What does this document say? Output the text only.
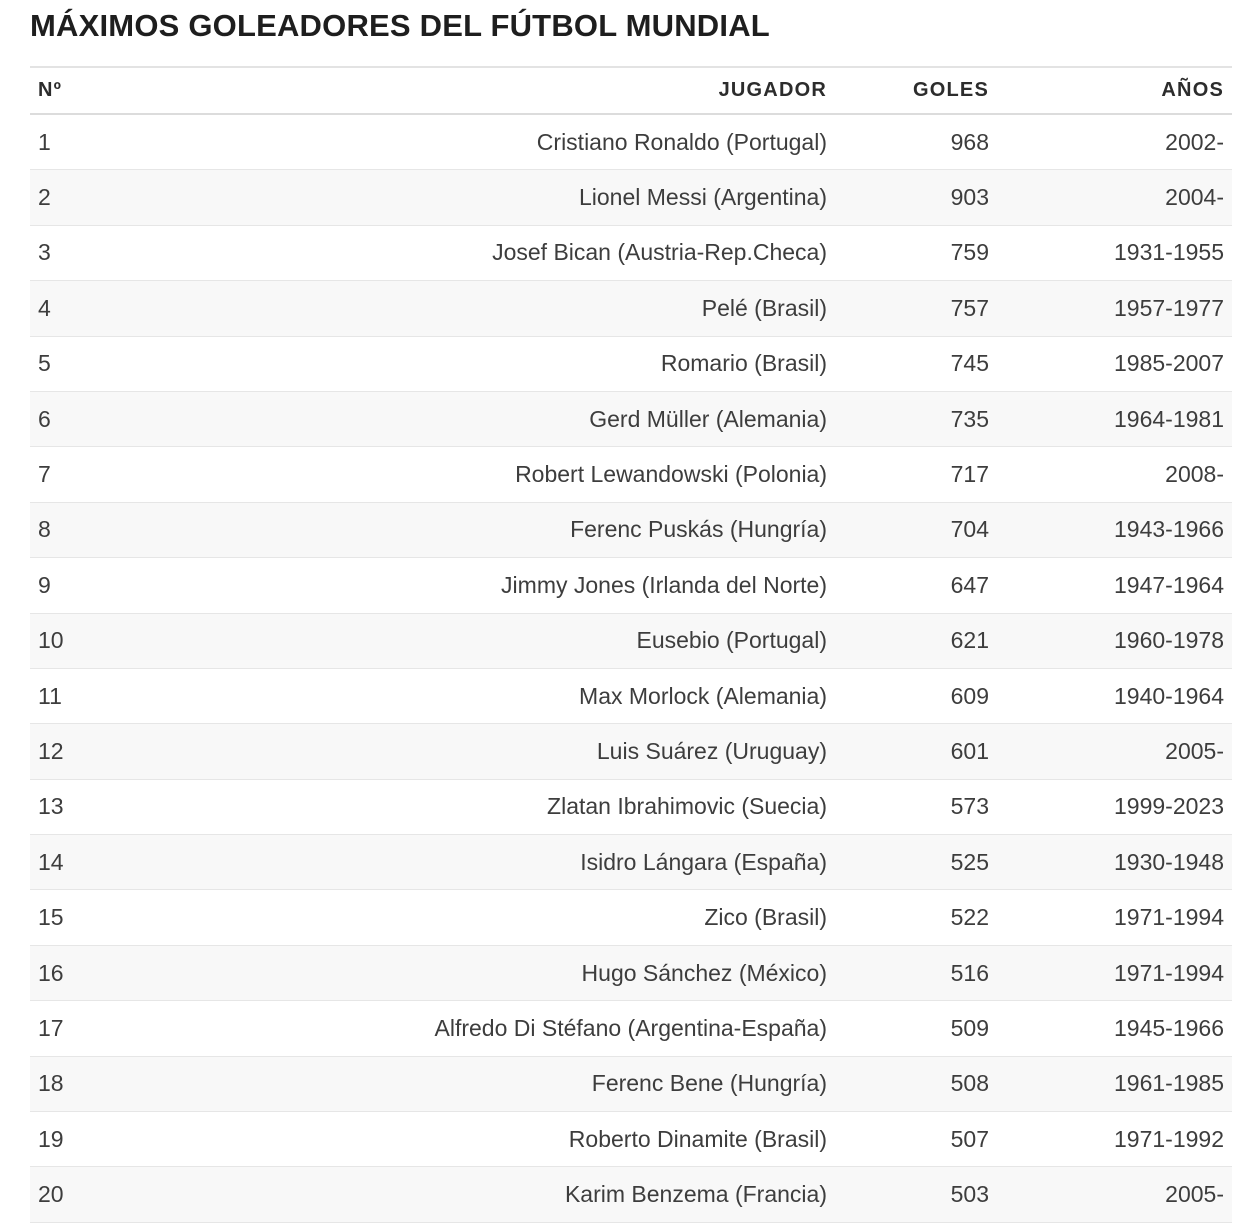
MÁXIMOS GOLEADORES DEL FÚTBOL MUNDIAL
Nº	JUGADOR	GOLES	AÑOS
1	Cristiano Ronaldo (Portugal)	968	2002-
2	Lionel Messi (Argentina)	903	2004-
3	Josef Bican (Austria-Rep.Checa)	759	1931-1955
4	Pelé (Brasil)	757	1957-1977
5	Romario (Brasil)	745	1985-2007
6	Gerd Müller (Alemania)	735	1964-1981
7	Robert Lewandowski (Polonia)	717	2008-
8	Ferenc Puskás (Hungría)	704	1943-1966
9	Jimmy Jones (Irlanda del Norte)	647	1947-1964
10	Eusebio (Portugal)	621	1960-1978
11	Max Morlock (Alemania)	609	1940-1964
12	Luis Suárez (Uruguay)	601	2005-
13	Zlatan Ibrahimovic (Suecia)	573	1999-2023
14	Isidro Lángara (España)	525	1930-1948
15	Zico (Brasil)	522	1971-1994
16	Hugo Sánchez (México)	516	1971-1994
17	Alfredo Di Stéfano (Argentina-España)	509	1945-1966
18	Ferenc Bene (Hungría)	508	1961-1985
19	Roberto Dinamite (Brasil)	507	1971-1992
20	Karim Benzema (Francia)	503	2005-
